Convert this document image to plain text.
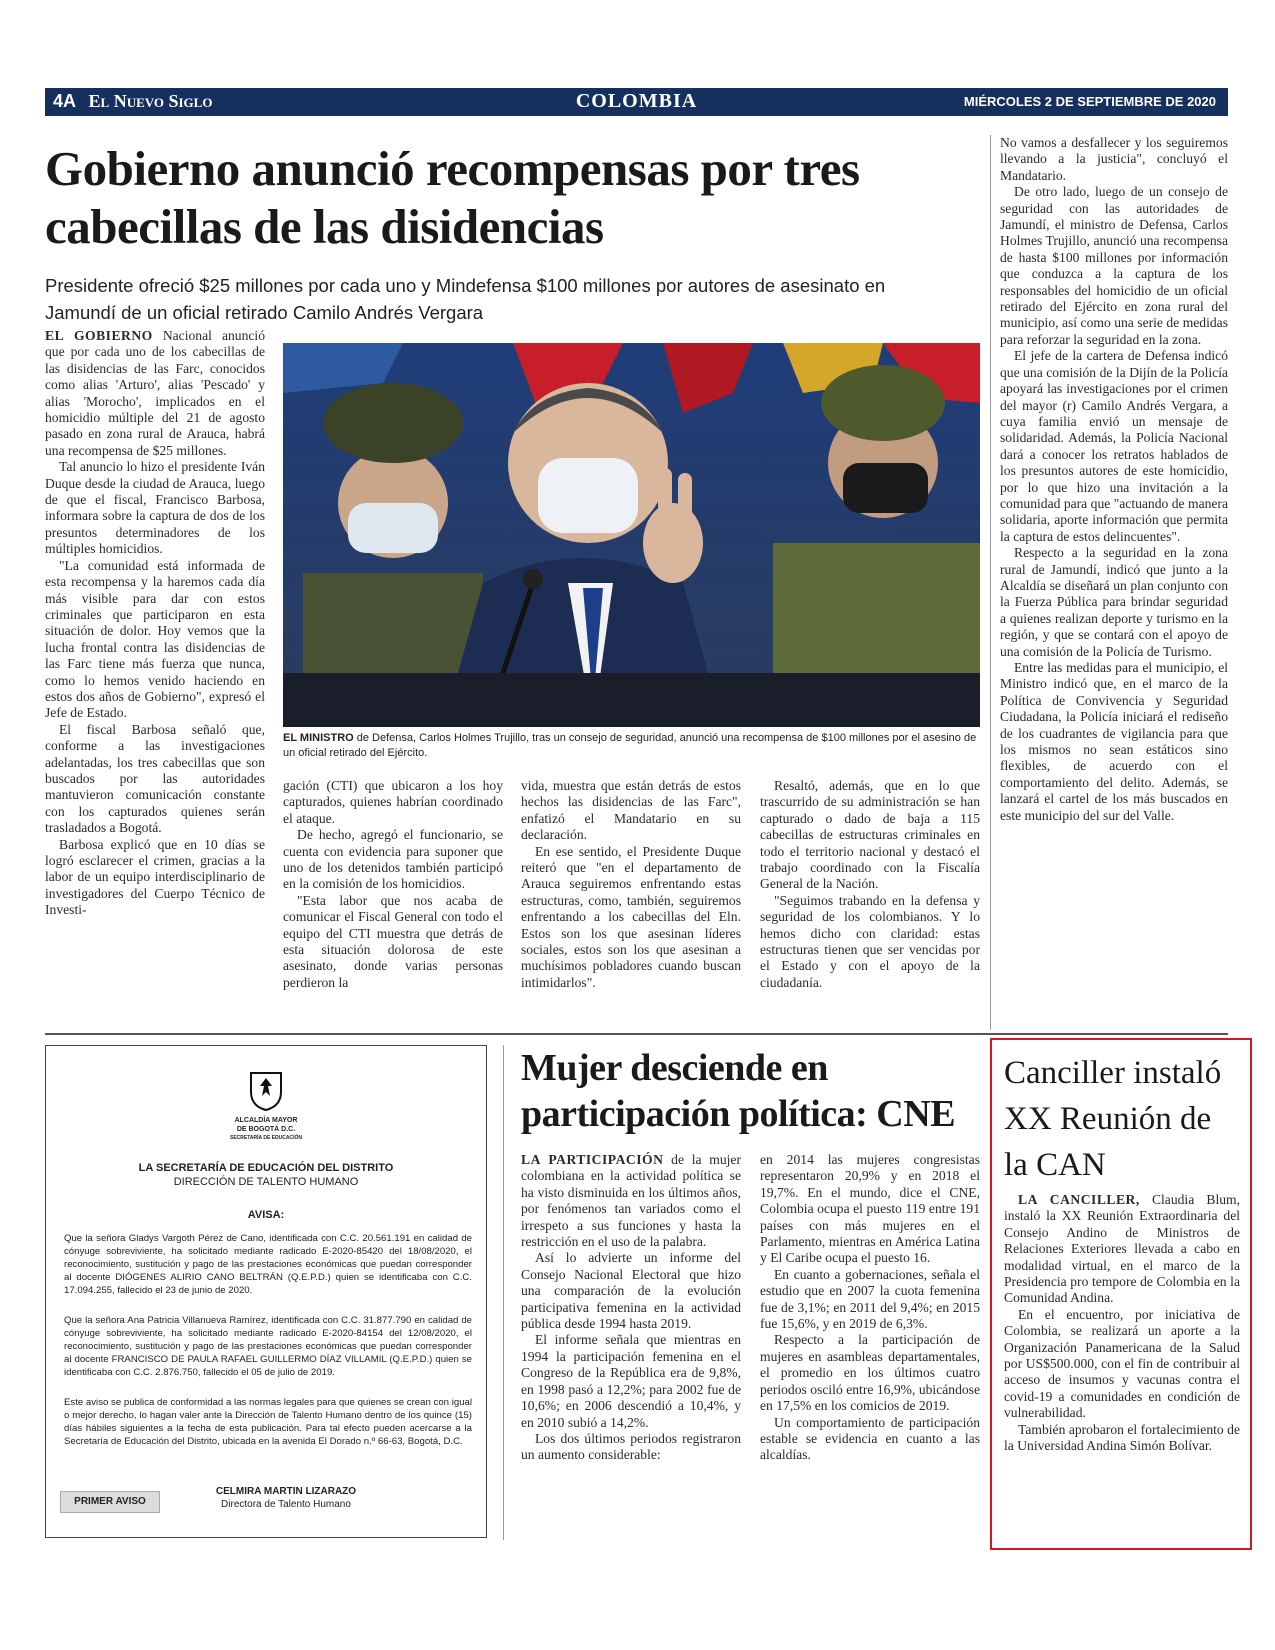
4A El Nuevo Siglo	COLOMBIA	MIÉRCOLES 2 DE SEPTIEMBRE DE 2020
Gobierno anunció recompensas por tres cabecillas de las disidencias
Presidente ofreció $25 millones por cada uno y Mindefensa $100 millones por autores de asesinato en Jamundí de un oficial retirado Camilo Andrés Vergara

EL GOBIERNO Nacional anunció que por cada uno de los cabecillas de las disidencias de las Farc, conocidos como alias 'Arturo', alias 'Pescado' y alias 'Morocho', implicados en el homicidio múltiple del 21 de agosto pasado en zona rural de Arauca, habrá una recompensa de $25 millones.

Tal anuncio lo hizo el presidente Iván Duque desde la ciudad de Arauca, luego de que el fiscal, Francisco Barbosa, informara sobre la captura de dos de los presuntos determinadores de los múltiples homicidios.

"La comunidad está informada de esta recompensa y la haremos cada día más visible para dar con estos criminales que participaron en esta situación de dolor. Hoy vemos que la lucha frontal contra las disidencias de las Farc tiene más fuerza que nunca, como lo hemos venido haciendo en estos dos años de Gobierno", expresó el Jefe de Estado.

El fiscal Barbosa señaló que, conforme a las investigaciones adelantadas, los tres cabecillas que son buscados por las autoridades mantuvieron comunicación constante con los capturados quienes serán trasladados a Bogotá.

Barbosa explicó que en 10 días se logró esclarecer el crimen, gracias a la labor de un equipo interdisciplinario de investigadores del Cuerpo Técnico de Investi-

EL MINISTRO de Defensa, Carlos Holmes Trujillo, tras un consejo de seguridad, anunció una recompensa de $100 millones por el asesino de un oficial retirado del Ejército.

gación (CTI) que ubicaron a los hoy capturados, quienes habrían coordinado el ataque.

De hecho, agregó el funcionario, se cuenta con evidencia para suponer que uno de los detenidos también participó en la comisión de los homicidios.

"Esta labor que nos acaba de comunicar el Fiscal General con todo el equipo del CTI muestra que detrás de esta situación dolorosa de este asesinato, donde varias personas perdieron la

vida, muestra que están detrás de estos hechos las disidencias de las Farc", enfatizó el Mandatario en su declaración.

En ese sentido, el Presidente Duque reiteró que "en el departamento de Arauca seguiremos enfrentando estas estructuras, como, también, seguiremos enfrentando a los cabecillas del Eln. Estos son los que asesinan líderes sociales, estos son los que asesinan a muchísimos pobladores cuando buscan intimidarlos".

Resaltó, además, que en lo que trascurrido de su administración se han capturado o dado de baja a 115 cabecillas de estructuras criminales en todo el territorio nacional y destacó el trabajo coordinado con la Fiscalía General de la Nación.

"Seguimos trabando en la defensa y seguridad de los colombianos. Y lo hemos dicho con claridad: estas estructuras tienen que ser vencidas por el Estado y con el apoyo de la ciudadanía.

No vamos a desfallecer y los seguiremos llevando a la justicia", concluyó el Mandatario.

De otro lado, luego de un consejo de seguridad con las autoridades de Jamundí, el ministro de Defensa, Carlos Holmes Trujillo, anunció una recompensa de hasta $100 millones por información que conduzca a la captura de los responsables del homicidio de un oficial retirado del Ejército en zona rural del municipio, así como una serie de medidas para reforzar la seguridad en la zona.

El jefe de la cartera de Defensa indicó que una comisión de la Dijín de la Policía apoyará las investigaciones por el crimen del mayor (r) Camilo Andrés Vergara, a cuya familia envió un mensaje de solidaridad. Además, la Policía Nacional dará a conocer los retratos hablados de los presuntos autores de este homicidio, por lo que hizo una invitación a la comunidad para que "actuando de manera solidaria, aporte información que permita la captura de estos delincuentes".

Respecto a la seguridad en la zona rural de Jamundí, indicó que junto a la Alcaldía se diseñará un plan conjunto con la Fuerza Pública para brindar seguridad a quienes realizan deporte y turismo en la región, y que se contará con el apoyo de una comisión de la Policía de Turismo.

Entre las medidas para el municipio, el Ministro indicó que, en el marco de la Política de Convivencia y Seguridad Ciudadana, la Policía iniciará el rediseño de los cuadrantes de vigilancia para que los mismos no sean estáticos sino flexibles, de acuerdo con el comportamiento del delito. Además, se lanzará el cartel de los más buscados en este municipio del sur del Valle.

ALCALDÍA MAYOR
DE BOGOTÁ D.C.
SECRETARÍA DE EDUCACIÓN
LA SECRETARÍA DE EDUCACIÓN DEL DISTRITO
DIRECCIÓN DE TALENTO HUMANO
AVISA:
Que la señora Gladys Vargoth Pérez de Cano, identificada con C.C. 20.561.191 en calidad de cónyuge sobreviviente, ha solicitado mediante radicado E-2020-85420 del 18/08/2020, el reconocimiento, sustitución y pago de las prestaciones económicas que puedan corresponder al docente DIÓGENES ALIRIO CANO BELTRÁN (Q.E.P.D.) quien se identificaba con C.C. 17.094.255, fallecido el 23 de junio de 2020.
Que la señora Ana Patricia Villanueva Ramírez, identificada con C.C. 31.877.790 en calidad de cónyuge sobreviviente, ha solicitado mediante radicado E-2020-84154 del 12/08/2020, el reconocimiento, sustitución y pago de las prestaciones económicas que puedan corresponder al docente FRANCISCO DE PAULA RAFAEL GUILLERMO DÍAZ VILLAMIL (Q.E.P.D.) quien se identificaba con C.C. 2.876.750, fallecido el 05 de julio de 2019.
Este aviso se publica de conformidad a las normas legales para que quienes se crean con igual o mejor derecho, lo hagan valer ante la Dirección de Talento Humano dentro de los quince (15) días hábiles siguientes a la fecha de esta publicación. Para tal efecto pueden acercarse a la Secretaría de Educación del Distrito, ubicada en la avenida El Dorado n.º 66-63, Bogotá, D.C.
CELMIRA MARTIN LIZARAZO
Directora de Talento Humano
PRIMER AVISO
Mujer desciende en participación política: CNE

LA PARTICIPACIÓN de la mujer colombiana en la actividad política se ha visto disminuida en los últimos años, por fenómenos tan variados como el irrespeto a sus funciones y hasta la restricción en el uso de la palabra.

Así lo advierte un informe del Consejo Nacional Electoral que hizo una comparación de la evolución participativa femenina en la actividad pública desde 1994 hasta 2019.

El informe señala que mientras en 1994 la participación femenina en el Congreso de la República era de 9,8%, en 1998 pasó a 12,2%; para 2002 fue de 10,6%; en 2006 descendió a 10,4%, y en 2010 subió a 14,2%.

Los dos últimos periodos registraron un aumento considerable:

en 2014 las mujeres congresistas representaron 20,9% y en 2018 el 19,7%. En el mundo, dice el CNE, Colombia ocupa el puesto 119 entre 191 países con más mujeres en el Parlamento, mientras en América Latina y El Caribe ocupa el puesto 16.

En cuanto a gobernaciones, señala el estudio que en 2007 la cuota femenina fue de 3,1%; en 2011 del 9,4%; en 2015 fue 15,6%, y en 2019 de 6,3%.

Respecto a la participación de mujeres en asambleas departamentales, el promedio en los últimos cuatro periodos osciló entre 16,9%, ubicándose en 17,5% en los comicios de 2019.

Un comportamiento de participación estable se evidencia en cuanto a las alcaldías.

Canciller instaló XX Reunión de la CAN

LA CANCILLER, Claudia Blum, instaló la XX Reunión Extraordinaria del Consejo Andino de Ministros de Relaciones Exteriores llevada a cabo en modalidad virtual, en el marco de la Presidencia pro tempore de Colombia en la Comunidad Andina.

En el encuentro, por iniciativa de Colombia, se realizará un aporte a la Organización Panamericana de la Salud por US$500.000, con el fin de contribuir al acceso de insumos y vacunas contra el covid-19 a comunidades en condición de vulnerabilidad.

También aprobaron el fortalecimiento de la Universidad Andina Simón Bolívar.
